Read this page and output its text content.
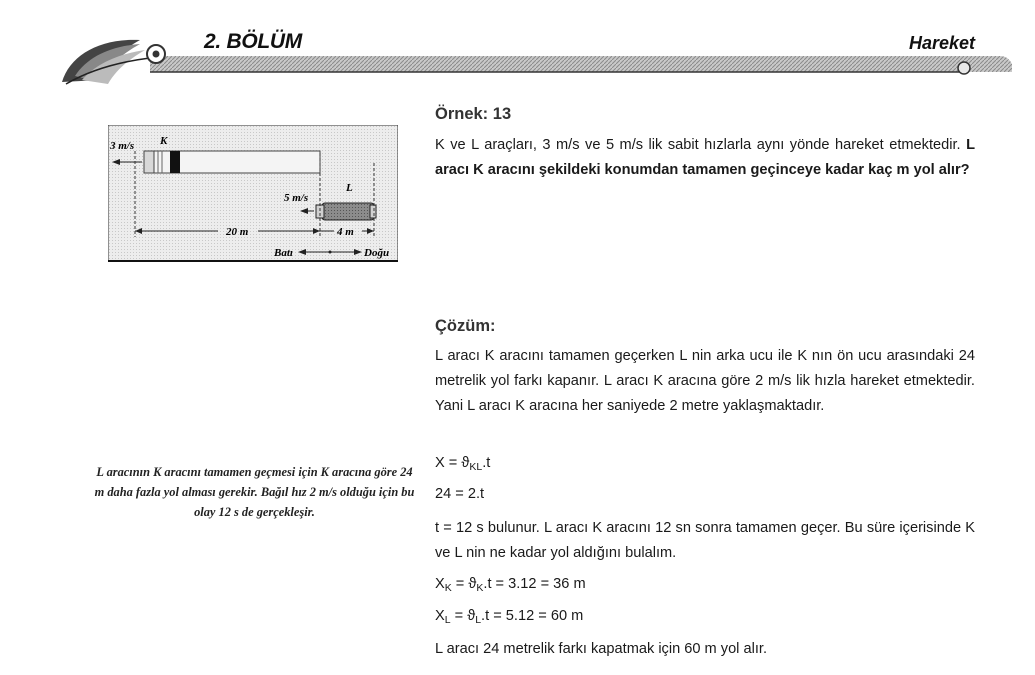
2. BÖLÜM	Hareket
3 m/s K
5 m/s
L
20 m	4 m
Batı	Doğu
L aracının K aracını tamamen geçmesi için K aracına göre 24 m daha fazla yol alması gerekir. Bağıl hız 2 m/s olduğu için bu olay 12 s de gerçekleşir.
Örnek: 13
K ve L araçları, 3 m/s ve 5 m/s lik sabit hızlarla aynı yönde hareket etmektedir. L aracı K aracını şekildeki konumdan tamamen geçinceye kadar kaç m yol alır?
Çözüm:
L aracı K aracını tamamen geçerken L nin arka ucu ile K nın ön ucu arasındaki 24 metrelik yol farkı kapanır. L aracı K aracına göre 2 m/s lik hızla hareket etmektedir. Yani L aracı K aracına her saniyede 2 metre yaklaşmaktadır.
$X = ϑ_{KL}.t$
24 = 2.t
t = 12 s bulunur. L aracı K aracını 12 sn sonra tamamen geçer. Bu süre içerisinde K ve L nin ne kadar yol aldığını bulalım.
$X_K = ϑ_K.t = 3.12 = 36$ m
$X_L = ϑ_L.t = 5.12 = 60$ m
L aracı 24 metrelik farkı kapatmak için 60 m yol alır.
